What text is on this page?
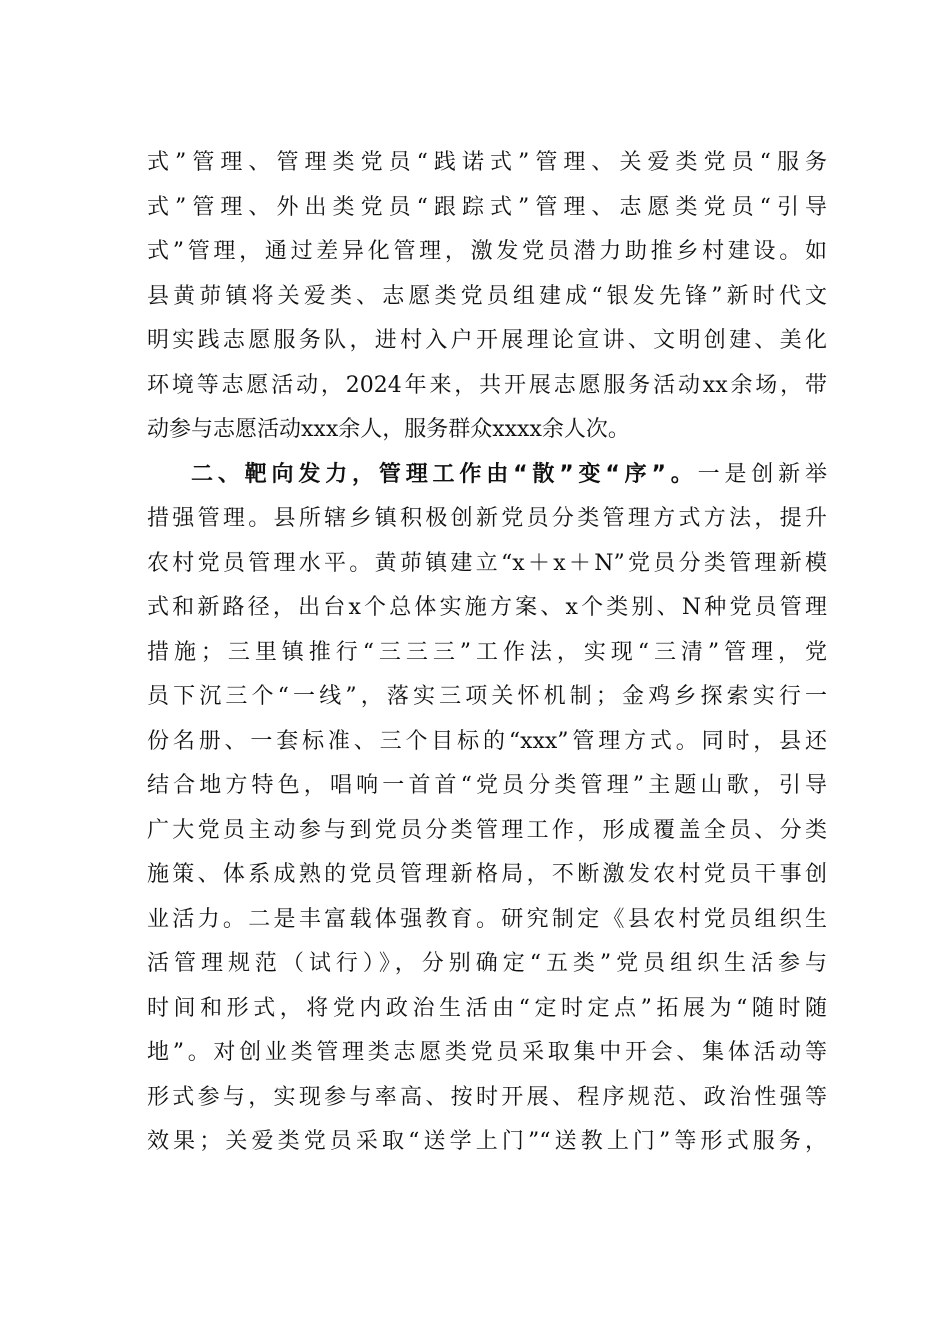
式”管理、管理类党员“践诺式”管理、关爱类党员“服务
式”管理、外出类党员“跟踪式”管理、志愿类党员“引导
式”管理，通过差异化管理，激发党员潜力助推乡村建设。如
县黄茆镇将关爱类、志愿类党员组建成“银发先锋”新时代文
明实践志愿服务队，进村入户开展理论宣讲、文明创建、美化
环境等志愿活动，2024年来，共开展志愿服务活动xx余场，带
动参与志愿活动xxx余人，服务群众xxxx余人次。
二、靶向发力，管理工作由“散”变“序”。一是创新举
措强管理。县所辖乡镇积极创新党员分类管理方式方法，提升
农村党员管理水平。黄茆镇建立“x＋x＋N”党员分类管理新模
式和新路径，出台x个总体实施方案、x个类别、N种党员管理
措施；三里镇推行“三三三”工作法，实现“三清”管理，党
员下沉三个“一线”，落实三项关怀机制；金鸡乡探索实行一
份名册、一套标准、三个目标的“xxx”管理方式。同时，县还
结合地方特色，唱响一首首“党员分类管理”主题山歌，引导
广大党员主动参与到党员分类管理工作，形成覆盖全员、分类
施策、体系成熟的党员管理新格局，不断激发农村党员干事创
业活力。二是丰富载体强教育。研究制定《县农村党员组织生
活管理规范（试行）》，分别确定“五类”党员组织生活参与
时间和形式，将党内政治生活由“定时定点”拓展为“随时随
地”。对创业类管理类志愿类党员采取集中开会、集体活动等
形式参与，实现参与率高、按时开展、程序规范、政治性强等
效果；关爱类党员采取“送学上门”“送教上门”等形式服务，
